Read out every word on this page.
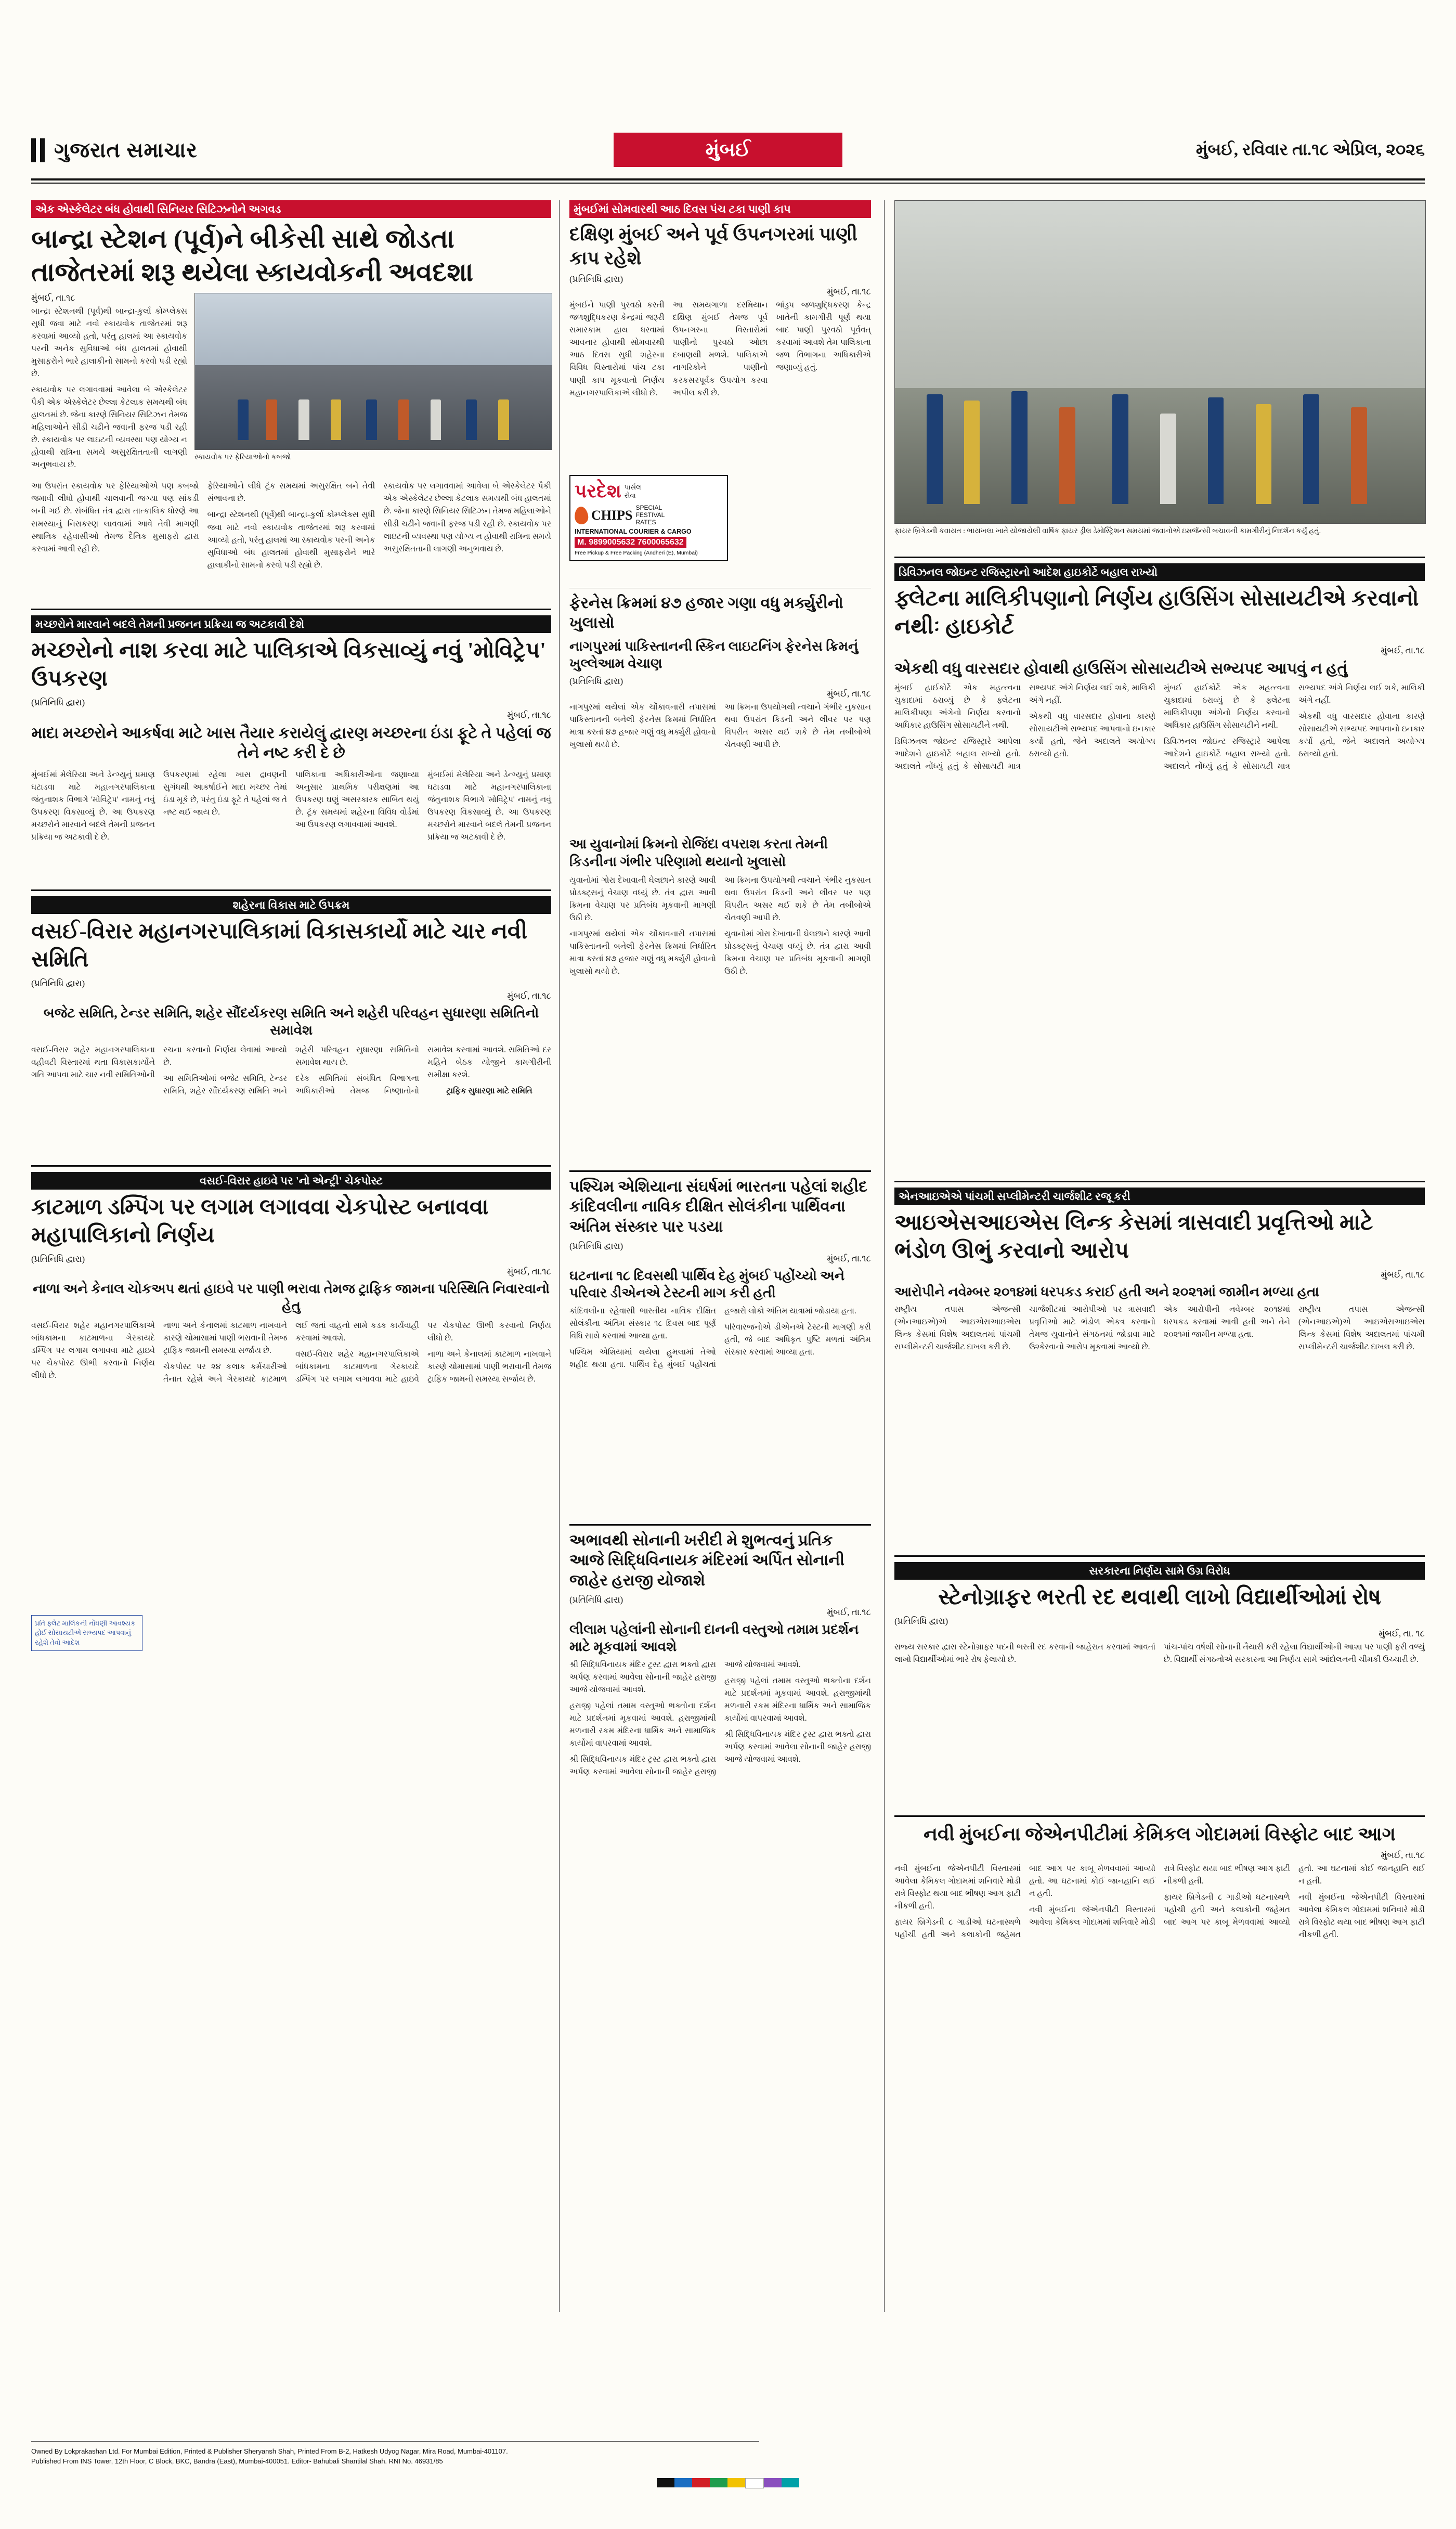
ગુજરાત સમાચાર	મુંબઈ	મુંબઈ, રવિવાર તા.૧૮ એપ્રિલ, ૨૦૨૬
એક એસ્કેલેટર બંધ હોવાથી સિનિયર સિટિઝનોને અગવડ
બાન્દ્રા સ્ટેશન (પૂર્વ)ને બીકેસી સાથે જોડતા તાજેતરમાં શરૂ થયેલા સ્કાયવોકની અવદશા
મુંબઈ, તા.૧૮

બાન્દ્રા સ્ટેશનથી (પૂર્વ)થી બાન્દ્રા-કુર્લા કોમ્પ્લેક્સ સુધી જવા માટે નવો સ્કાયવોક તાજેતરમાં શરૂ કરવામાં આવ્યો હતો, પરંતુ હાલમાં આ સ્કાયવોક પરની અનેક સુવિધાઓ બંધ હાલતમાં હોવાથી મુસાફરોને ભારે હાલાકીનો સામનો કરવો પડી રહ્યો છે.

સ્કાયવોક પર લગાવવામાં આવેલા બે એસ્કેલેટર પૈકી એક એસ્કેલેટર છેલ્લા કેટલાક સમયથી બંધ હાલતમાં છે. જેના કારણે સિનિયર સિટિઝન તેમજ મહિલાઓને સીડી ચઢીને જવાની ફરજ પડી રહી છે. સ્કાયવોક પર લાઇટની વ્યવસ્થા પણ યોગ્ય ન હોવાથી રાત્રિના સમયે અસુરક્ષિતતાની લાગણી અનુભવાય છે.

સ્કાયવોક પર ફેરિયાઓનો કબજો

આ ઉપરાંત સ્કાયવોક પર ફેરિયાઓએ પણ કબજો જમાવી લીધો હોવાથી ચાલવાની જગ્યા પણ સાંકડી બની ગઈ છે. સંબંધિત તંત્ર દ્વારા તાત્કાલિક ધોરણે આ સમસ્યાનું નિરાકરણ લાવવામાં આવે તેવી માગણી સ્થાનિક રહેવાસીઓ તેમજ દૈનિક મુસાફરો દ્વારા કરવામાં આવી રહી છે.

ફેરિયાઓને લીધે ટૂંક સમયમાં અસુરક્ષિત બને તેવી સંભાવના છે.

બાન્દ્રા સ્ટેશનથી (પૂર્વ)થી બાન્દ્રા-કુર્લા કોમ્પ્લેક્સ સુધી જવા માટે નવો સ્કાયવોક તાજેતરમાં શરૂ કરવામાં આવ્યો હતો, પરંતુ હાલમાં આ સ્કાયવોક પરની અનેક સુવિધાઓ બંધ હાલતમાં હોવાથી મુસાફરોને ભારે હાલાકીનો સામનો કરવો પડી રહ્યો છે.

સ્કાયવોક પર લગાવવામાં આવેલા બે એસ્કેલેટર પૈકી એક એસ્કેલેટર છેલ્લા કેટલાક સમયથી બંધ હાલતમાં છે. જેના કારણે સિનિયર સિટિઝન તેમજ મહિલાઓને સીડી ચઢીને જવાની ફરજ પડી રહી છે. સ્કાયવોક પર લાઇટની વ્યવસ્થા પણ યોગ્ય ન હોવાથી રાત્રિના સમયે અસુરક્ષિતતાની લાગણી અનુભવાય છે.

મચ્છરોને મારવાને બદલે તેમની પ્રજનન પ્રક્રિયા જ અટકાવી દેશે
મચ્છરોનો નાશ કરવા માટે પાલિકાએ વિકસાવ્યું નવું 'મોવિટ્રેપ' ઉપકરણ
(પ્રતિનિધિ દ્વારા)
મુંબઈ, તા.૧૮
માદા મચ્છરોને આકર્ષવા માટે ખાસ તૈયાર કરાયેલું દ્વારણ મચ્છરના ઇંડા ફૂટે તે પહેલાં જ તેને નષ્ટ કરી દે છે

મુંબઈમાં મેલેરિયા અને ડેન્ગ્યુનું પ્રમાણ ઘટાડવા માટે મહાનગરપાલિકાના જંતુનાશક વિભાગે 'મોવિટ્રેપ' નામનું નવું ઉપકરણ વિકસાવ્યું છે. આ ઉપકરણ મચ્છરોને મારવાને બદલે તેમની પ્રજનન પ્રક્રિયા જ અટકાવી દે છે.

ઉપકરણમાં રહેલા ખાસ દ્રાવણની સુગંધથી આકર્ષાઈને માદા મચ્છર તેમાં ઇંડા મૂકે છે, પરંતુ ઇંડા ફૂટે તે પહેલાં જ તે નષ્ટ થઈ જાય છે.

પાલિકાના અધિકારીઓના જણાવ્યા અનુસાર પ્રાથમિક પરીક્ષણમાં આ ઉપકરણ ઘણું અસરકારક સાબિત થયું છે. ટૂંક સમયમાં શહેરના વિવિધ વોર્ડમાં આ ઉપકરણ લગાવવામાં આવશે.

મુંબઈમાં મેલેરિયા અને ડેન્ગ્યુનું પ્રમાણ ઘટાડવા માટે મહાનગરપાલિકાના જંતુનાશક વિભાગે 'મોવિટ્રેપ' નામનું નવું ઉપકરણ વિકસાવ્યું છે. આ ઉપકરણ મચ્છરોને મારવાને બદલે તેમની પ્રજનન પ્રક્રિયા જ અટકાવી દે છે.

શહેરના વિકાસ માટે ઉપક્રમ
વસઈ-વિરાર મહાનગરપાલિકામાં વિકાસકાર્યો માટે ચાર નવી સમિતિ
(પ્રતિનિધિ દ્વારા)
મુંબઈ, તા.૧૮
બજેટ સમિતિ, ટેન્ડર સમિતિ, શહેર સૌંદર્યકરણ સમિતિ અને શહેરી પરિવહન સુધારણા સમિતિનો સમાવેશ

વસઈ-વિરાર શહેર મહાનગરપાલિકાના વહીવટી વિસ્તારમાં થતા વિકાસકાર્યોને ગતિ આપવા માટે ચાર નવી સમિતિઓની રચના કરવાનો નિર્ણય લેવામાં આવ્યો છે.

આ સમિતિઓમાં બજેટ સમિતિ, ટેન્ડર સમિતિ, શહેર સૌંદર્યકરણ સમિતિ અને શહેરી પરિવહન સુધારણા સમિતિનો સમાવેશ થાય છે.

દરેક સમિતિમાં સંબંધિત વિભાગના અધિકારીઓ તેમજ નિષ્ણાતોનો સમાવેશ કરવામાં આવશે. સમિતિઓ દર મહિને બેઠક યોજીને કામગીરીની સમીક્ષા કરશે.

ટ્રાફિક સુધારણા માટે સમિતિ

વસઈ-વિરાર હાઇવે પર 'નો એન્ટ્રી' ચેકપોસ્ટ
કાટમાળ ડમ્પિંગ પર લગામ લગાવવા ચેકપોસ્ટ બનાવવા મહાપાલિકાનો નિર્ણય
(પ્રતિનિધિ દ્વારા)
મુંબઈ, તા.૧૮
નાળા અને કેનાલ ચોકઅપ થતાં હાઇવે પર પાણી ભરાવા તેમજ ટ્રાફિક જામના પરિસ્થિતિ નિવારવાનો હેતુ

વસઈ-વિરાર શહેર મહાનગરપાલિકાએ બાંધકામના કાટમાળના ગેરકાયદે ડમ્પિંગ પર લગામ લગાવવા માટે હાઇવે પર ચેકપોસ્ટ ઊભી કરવાનો નિર્ણય લીધો છે.

નાળા અને કેનાલમાં કાટમાળ નાખવાને કારણે ચોમાસામાં પાણી ભરાવાની તેમજ ટ્રાફિક જામની સમસ્યા સર્જાય છે.

ચેકપોસ્ટ પર ૨૪ કલાક કર્મચારીઓ તૈનાત રહેશે અને ગેરકાયદે કાટમાળ લઈ જતાં વાહનો સામે કડક કાર્યવાહી કરવામાં આવશે.

વસઈ-વિરાર શહેર મહાનગરપાલિકાએ બાંધકામના કાટમાળના ગેરકાયદે ડમ્પિંગ પર લગામ લગાવવા માટે હાઇવે પર ચેકપોસ્ટ ઊભી કરવાનો નિર્ણય લીધો છે.

નાળા અને કેનાલમાં કાટમાળ નાખવાને કારણે ચોમાસામાં પાણી ભરાવાની તેમજ ટ્રાફિક જામની સમસ્યા સર્જાય છે.

પ્રતિ ફ્લેટ માલિકની નોંધણી આવશ્યક હોઈ સોસાયટીએ સભ્યપદ આપવાનું રહેશે તેવો આદેશ
મુંબઈમાં સોમવારથી આઠ દિવસ પંચ ટકા પાણી કાપ
દક્ષિણ મુંબઈ અને પૂર્વ ઉપનગરમાં પાણી કાપ રહેશે
(પ્રતિનિધિ દ્વારા)
મુંબઈ, તા.૧૮

મુંબઈને પાણી પુરવઠો કરતી જળશુદ્ધિકરણ કેન્દ્રમાં જરૂરી સમારકામ હાથ ધરવામાં આવનાર હોવાથી સોમવારથી આઠ દિવસ સુધી શહેરના વિવિધ વિસ્તારોમાં પાંચ ટકા પાણી કાપ મૂકવાનો નિર્ણય મહાનગરપાલિકાએ લીધો છે.

આ સમયગાળા દરમિયાન દક્ષિણ મુંબઈ તેમજ પૂર્વ ઉપનગરના વિસ્તારોમાં પાણીનો પુરવઠો ઓછા દબાણથી મળશે. પાલિકાએ નાગરિકોને પાણીનો કરકસરપૂર્વક ઉપયોગ કરવા અપીલ કરી છે.

ભાંડુપ જળશુદ્ધિકરણ કેન્દ્ર ખાતેની કામગીરી પૂર્ણ થયા બાદ પાણી પુરવઠો પૂર્વવત્ કરવામાં આવશે તેમ પાલિકાના જળ વિભાગના અધિકારીએ જણાવ્યું હતું.

પરદેશ પાર્સલ
સેવા
CHIPS SPECIAL
FESTIVAL
RATES
INTERNATIONAL COURIER & CARGO
M. 9899005632 7600065632
Free Pickup & Free Packing (Andheri (E), Mumbai)
ફેરનેસ ક્રિમમાં ૪૭ હજાર ગણા વધુ મર્ક્યુરીનો ખુલાસો
નાગપુરમાં પાકિસ્તાનની સ્કિન લાઇટનિંગ ફેરનેસ ક્રિમનું ખુલ્લેઆમ વેચાણ
(પ્રતિનિધિ દ્વારા)
મુંબઈ, તા.૧૮

નાગપુરમાં થયેલાં એક ચોંકાવનારી તપાસમાં પાકિસ્તાનની બનેલી ફેરનેસ ક્રિમમાં નિર્ધારિત માત્રા કરતાં ૪૭ હજાર ગણું વધુ મર્ક્યુરી હોવાનો ખુલાસો થયો છે.

આ ક્રિમના ઉપયોગથી ત્વચાને ગંભીર નુકસાન થવા ઉપરાંત કિડની અને લીવર પર પણ વિપરીત અસર થઈ શકે છે તેમ તબીબોએ ચેતવણી આપી છે.

આ યુવાનોમાં ક્રિમનો રોજિંદા વપરાશ કરતા તેમની કિડનીના ગંભીર પરિણામો થયાનો ખુલાસો

યુવાનોમાં ગોરા દેખાવાની ઘેલછાને કારણે આવી પ્રોડક્ટ્સનું વેચાણ વધ્યું છે. તંત્ર દ્વારા આવી ક્રિમના વેચાણ પર પ્રતિબંધ મૂકવાની માગણી ઉઠી છે.

નાગપુરમાં થયેલાં એક ચોંકાવનારી તપાસમાં પાકિસ્તાનની બનેલી ફેરનેસ ક્રિમમાં નિર્ધારિત માત્રા કરતાં ૪૭ હજાર ગણું વધુ મર્ક્યુરી હોવાનો ખુલાસો થયો છે.

આ ક્રિમના ઉપયોગથી ત્વચાને ગંભીર નુકસાન થવા ઉપરાંત કિડની અને લીવર પર પણ વિપરીત અસર થઈ શકે છે તેમ તબીબોએ ચેતવણી આપી છે.

યુવાનોમાં ગોરા દેખાવાની ઘેલછાને કારણે આવી પ્રોડક્ટ્સનું વેચાણ વધ્યું છે. તંત્ર દ્વારા આવી ક્રિમના વેચાણ પર પ્રતિબંધ મૂકવાની માગણી ઉઠી છે.

પશ્ચિમ એશિયાના સંઘર્ષમાં ભારતના પહેલાં શહીદ કાંદિવલીના નાવિક દીક્ષિત સોલંકીના પાર્થિવના અંતિમ સંસ્કાર પાર પડયા
(પ્રતિનિધિ દ્વારા)
મુંબઈ, તા.૧૮
ઘટનાના ૧૮ દિવસથી પાર્થિવ દેહ મુંબઈ પહોંચ્યો અને પરિવાર ડીએનએ ટેસ્ટની માગ કરી હતી

કાંદિવલીના રહેવાસી ભારતીય નાવિક દીક્ષિત સોલંકીના અંતિમ સંસ્કાર ૧૮ દિવસ બાદ પૂર્ણ વિધિ સાથે કરવામાં આવ્યા હતા.

પશ્ચિમ એશિયામાં થયેલા હુમલામાં તેઓ શહીદ થયા હતા. પાર્થિવ દેહ મુંબઈ પહોંચતાં હજારો લોકો અંતિમ યાત્રામાં જોડાયા હતા.

પરિવારજનોએ ડીએનએ ટેસ્ટની માગણી કરી હતી, જે બાદ અધિકૃત પુષ્ટિ મળતાં અંતિમ સંસ્કાર કરવામાં આવ્યા હતા.

અભાવથી સોનાની ખરીદી મે શુભત્વનું પ્રતિક આજે સિદ્ધિવિનાયક મંદિરમાં અર્પિત સોનાની જાહેર હરાજી યોજાશે
(પ્રતિનિધિ દ્વારા)
મુંબઈ, તા.૧૮
લીલામ પહેલાંની સોનાની દાનની વસ્તુઓ તમામ પ્રદર્શન માટે મૂકવામાં આવશે

શ્રી સિદ્ધિવિનાયક મંદિર ટ્રસ્ટ દ્વારા ભક્તો દ્વારા અર્પણ કરવામાં આવેલા સોનાની જાહેર હરાજી આજે યોજવામાં આવશે.

હરાજી પહેલાં તમામ વસ્તુઓ ભક્તોના દર્શન માટે પ્રદર્શનમાં મૂકવામાં આવશે. હરાજીમાંથી મળનારી રકમ મંદિરના ધાર્મિક અને સામાજિક કાર્યોમાં વાપરવામાં આવશે.

શ્રી સિદ્ધિવિનાયક મંદિર ટ્રસ્ટ દ્વારા ભક્તો દ્વારા અર્પણ કરવામાં આવેલા સોનાની જાહેર હરાજી આજે યોજવામાં આવશે.

હરાજી પહેલાં તમામ વસ્તુઓ ભક્તોના દર્શન માટે પ્રદર્શનમાં મૂકવામાં આવશે. હરાજીમાંથી મળનારી રકમ મંદિરના ધાર્મિક અને સામાજિક કાર્યોમાં વાપરવામાં આવશે.

શ્રી સિદ્ધિવિનાયક મંદિર ટ્રસ્ટ દ્વારા ભક્તો દ્વારા અર્પણ કરવામાં આવેલા સોનાની જાહેર હરાજી આજે યોજવામાં આવશે.

ફાયર બ્રિગેડની કવાયત : ભાયખલા ખાતે યોજાયેલી વાર્ષિક ફાયર ડ્રીલ ડેમોસ્ટ્રિેશન સમયમાં જવાનોએ ઇમર્જન્સી બચાવની કામગીરીનું નિદર્શન કર્યું હતું.
ડિવિઝનલ જોઇન્ટ રજિસ્ટ્રારનો આદેશ હાઇકોર્ટે બહાલ રાખ્યો
ફ્લેટના માલિકીપણાનો નિર્ણય હાઉસિંગ સોસાયટીએ કરવાનો નથીઃ હાઇકોર્ટ
મુંબઈ, તા.૧૮
એકથી વધુ વારસદાર હોવાથી હાઉસિંગ સોસાયટીએ સભ્યપદ આપવું ન હતું

મુંબઈ હાઈકોર્ટે એક મહત્ત્વના ચુકાદામાં ઠરાવ્યું છે કે ફ્લેટના માલિકીપણા અંગેનો નિર્ણય કરવાનો અધિકાર હાઉસિંગ સોસાયટીને નથી.

ડિવિઝનલ જોઇન્ટ રજિસ્ટ્રારે આપેલા આદેશને હાઇકોર્ટે બહાલ રાખ્યો હતો. અદાલતે નોંધ્યું હતું કે સોસાયટી માત્ર સભ્યપદ અંગે નિર્ણય લઈ શકે, માલિકી અંગે નહીં.

એકથી વધુ વારસદાર હોવાના કારણે સોસાયટીએ સભ્યપદ આપવાનો ઇનકાર કર્યો હતો, જેને અદાલતે અયોગ્ય ઠરાવ્યો હતો.

મુંબઈ હાઈકોર્ટે એક મહત્ત્વના ચુકાદામાં ઠરાવ્યું છે કે ફ્લેટના માલિકીપણા અંગેનો નિર્ણય કરવાનો અધિકાર હાઉસિંગ સોસાયટીને નથી.

ડિવિઝનલ જોઇન્ટ રજિસ્ટ્રારે આપેલા આદેશને હાઇકોર્ટે બહાલ રાખ્યો હતો. અદાલતે નોંધ્યું હતું કે સોસાયટી માત્ર સભ્યપદ અંગે નિર્ણય લઈ શકે, માલિકી અંગે નહીં.

એકથી વધુ વારસદાર હોવાના કારણે સોસાયટીએ સભ્યપદ આપવાનો ઇનકાર કર્યો હતો, જેને અદાલતે અયોગ્ય ઠરાવ્યો હતો.

એનઆઇએએ પાંચમી સપ્લીમેન્ટરી ચાર્જશીટ રજૂ કરી
આઇએસઆઇએસ લિન્ક કેસમાં ત્રાસવાદી પ્રવૃત્તિઓ માટે ભંડોળ ઊભું કરવાનો આરોપ
મુંબઈ, તા.૧૮
આરોપીને નવેમ્બર ૨૦૧૪માં ધરપકડ કરાઈ હતી અને ૨૦૨૧માં જામીન મળ્યા હતા

રાષ્ટ્રીય તપાસ એજન્સી (એનઆઇએ)એ આઇએસઆઇએસ લિન્ક કેસમાં વિશેષ અદાલતમાં પાંચમી સપ્લીમેન્ટરી ચાર્જશીટ દાખલ કરી છે.

ચાર્જશીટમાં આરોપીઓ પર ત્રાસવાદી પ્રવૃત્તિઓ માટે ભંડોળ એકત્ર કરવાનો તેમજ યુવાનોને સંગઠનમાં જોડાવા માટે ઉશ્કેરવાનો આરોપ મૂકવામાં આવ્યો છે.

એક આરોપીની નવેમ્બર ૨૦૧૪માં ધરપકડ કરવામાં આવી હતી અને તેને ૨૦૨૧માં જામીન મળ્યા હતા.

રાષ્ટ્રીય તપાસ એજન્સી (એનઆઇએ)એ આઇએસઆઇએસ લિન્ક કેસમાં વિશેષ અદાલતમાં પાંચમી સપ્લીમેન્ટરી ચાર્જશીટ દાખલ કરી છે.

સરકારના નિર્ણય સામે ઉગ્ર વિરોધ
સ્ટેનોગ્રાફર ભરતી રદ થવાથી લાખો વિદ્યાર્થીઓમાં રોષ
(પ્રતિનિધિ દ્વારા)
મુંબઈ, તા. ૧૮

રાજ્ય સરકાર દ્વારા સ્ટેનોગ્રાફર પદની ભરતી રદ કરવાની જાહેરાત કરવામાં આવતાં લાખો વિદ્યાર્થીઓમાં ભારે રોષ ફેલાયો છે.

પાંચ-પાંચ વર્ષથી સોનાની તૈયારી કરી રહેલા વિદ્યાર્થીઓની આશા પર પાણી ફરી વળ્યું છે. વિદ્યાર્થી સંગઠનોએ સરકારના આ નિર્ણય સામે આંદોલનની ચીમકી ઉચ્ચારી છે.

નવી મુંબઈના જેએનપીટીમાં કેમિકલ ગોદામમાં વિસ્ફોટ બાદ આગ
મુંબઈ, તા.૧૮

નવી મુંબઈના જેએનપીટી વિસ્તારમાં આવેલા કેમિકલ ગોદામમાં શનિવારે મોડી રાત્રે વિસ્ફોટ થયા બાદ ભીષણ આગ ફાટી નીકળી હતી.

ફાયર બ્રિગેડની ૮ ગાડીઓ ઘટનાસ્થળે પહોંચી હતી અને કલાકોની જહેમત બાદ આગ પર કાબૂ મેળવવામાં આવ્યો હતો. આ ઘટનામાં કોઈ જાનહાનિ થઈ ન હતી.

નવી મુંબઈના જેએનપીટી વિસ્તારમાં આવેલા કેમિકલ ગોદામમાં શનિવારે મોડી રાત્રે વિસ્ફોટ થયા બાદ ભીષણ આગ ફાટી નીકળી હતી.

ફાયર બ્રિગેડની ૮ ગાડીઓ ઘટનાસ્થળે પહોંચી હતી અને કલાકોની જહેમત બાદ આગ પર કાબૂ મેળવવામાં આવ્યો હતો. આ ઘટનામાં કોઈ જાનહાનિ થઈ ન હતી.

નવી મુંબઈના જેએનપીટી વિસ્તારમાં આવેલા કેમિકલ ગોદામમાં શનિવારે મોડી રાત્રે વિસ્ફોટ થયા બાદ ભીષણ આગ ફાટી નીકળી હતી.

Owned By Lokprakashan Ltd. For Mumbai Edition, Printed & Publisher Sheryansh Shah, Printed From B-2, Hatkesh Udyog Nagar, Mira Road, Mumbai-401107.
Published From INS Tower, 12th Floor, C Block, BKC, Bandra (East), Mumbai-400051. Editor- Bahubali Shantilal Shah. RNI No. 46931/85
